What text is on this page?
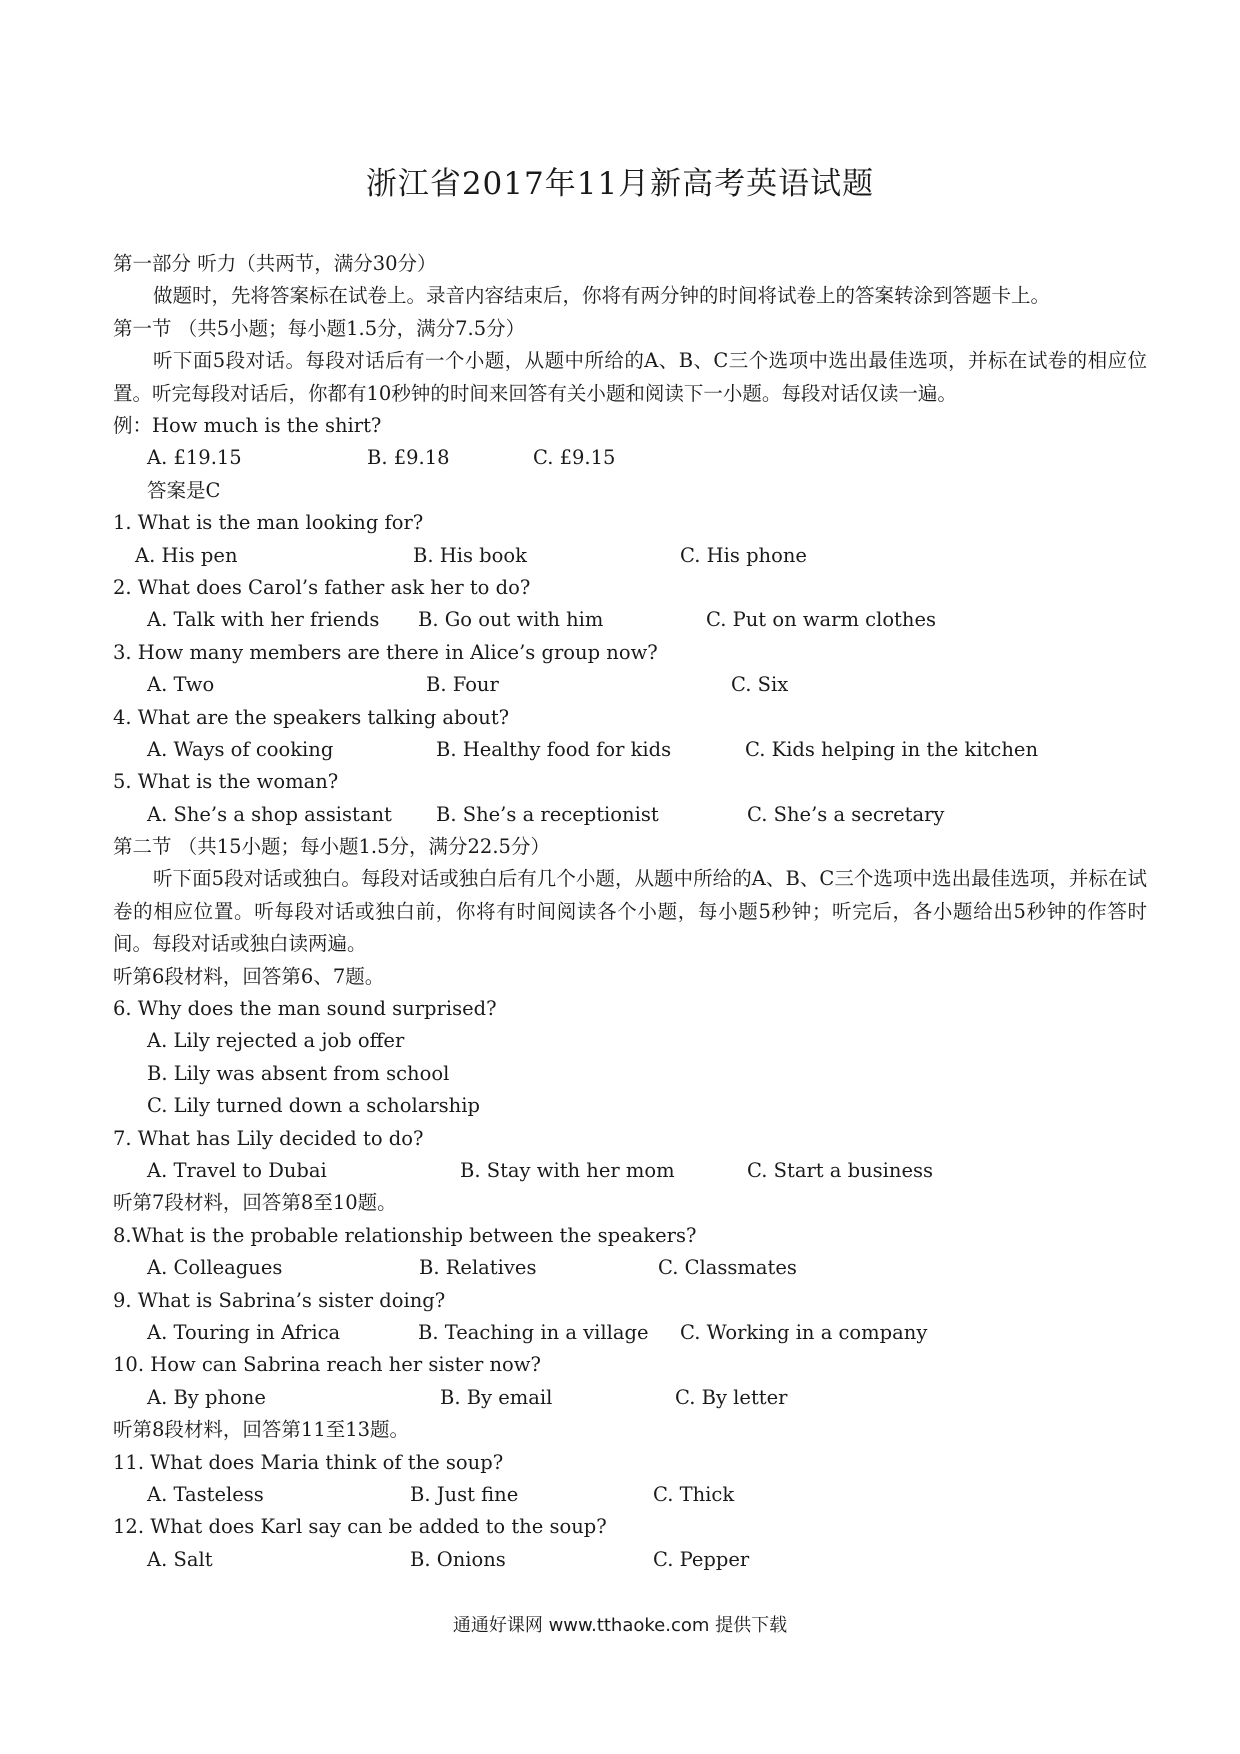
浙江省2017年11月新高考英语试题
第一部分 听力（共两节，满分30分）
做题时，先将答案标在试卷上。录音内容结束后，你将有两分钟的时间将试卷上的答案转涂到答题卡上。
第一节 （共5小题；每小题1.5分，满分7.5分）
听下面5段对话。每段对话后有一个小题，从题中所给的A、B、C三个选项中选出最佳选项，并标在试卷的相应位置。听完每段对话后，你都有10秒钟的时间来回答有关小题和阅读下一小题。每段对话仅读一遍。
例：How much is the shirt?
A. £19.15	B. £9.18	C. £9.15
答案是C
1. What is the man looking for?
A. His pen	B. His book	C. His phone
2. What does Carol’s father ask her to do?
A. Talk with her friends B. Go out with him	C. Put on warm clothes
3. How many members are there in Alice’s group now?
A. Two	B. Four	C. Six
4. What are the speakers talking about?
A. Ways of cooking	B. Healthy food for kids	C. Kids helping in the kitchen
5. What is the woman?
A. She’s a shop assistant B. She’s a receptionist	C. She’s a secretary
第二节 （共15小题；每小题1.5分，满分22.5分）
听下面5段对话或独白。每段对话或独白后有几个小题，从题中所给的A、B、C三个选项中选出最佳选项，并标在试卷的相应位置。听每段对话或独白前，你将有时间阅读各个小题，每小题5秒钟；听完后，各小题给出5秒钟的作答时间。每段对话或独白读两遍。
听第6段材料，回答第6、7题。
6. Why does the man sound surprised?
A. Lily rejected a job offer
B. Lily was absent from school
C. Lily turned down a scholarship
7. What has Lily decided to do?
A. Travel to Dubai	B. Stay with her mom	C. Start a business
听第7段材料，回答第8至10题。
8.What is the probable relationship between the speakers?
A. Colleagues	B. Relatives	C. Classmates
9. What is Sabrina’s sister doing?
A. Touring in Africa	B. Teaching in a village C. Working in a company
10. How can Sabrina reach her sister now?
A. By phone	B. By email	C. By letter
听第8段材料，回答第11至13题。
11. What does Maria think of the soup?
A. Tasteless	B. Just fine	C. Thick
12. What does Karl say can be added to the soup?
A. Salt	B. Onions	C. Pepper
通通好课网 www.tthaoke.com 提供下载
